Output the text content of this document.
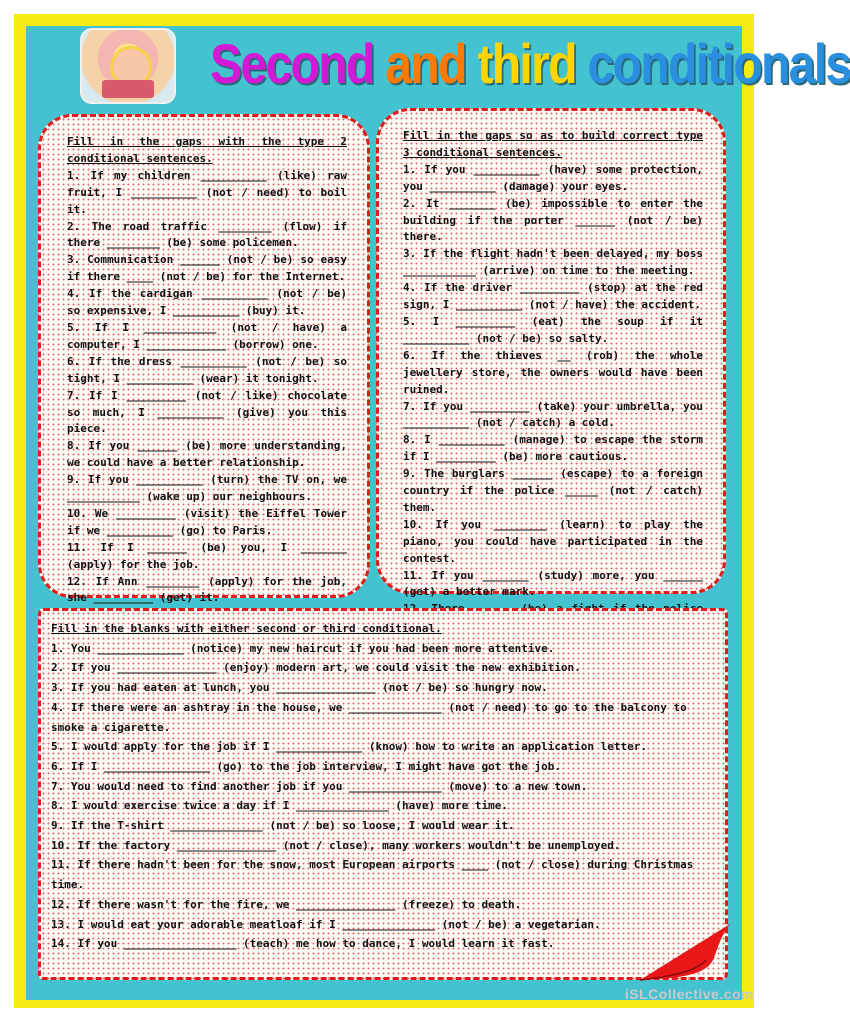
Second and third conditionals
Fill in the gaps with the type 2 conditional sentences.
1. If my children __________ (like) raw fruit, I __________ (not / need) to boil it.
2. The road traffic ________ (flow) if there ________ (be) some policemen.
3. Communication ______ (not / be) so easy if there ____ (not / be) for the Internet.
4. If the cardigan __________ (not / be) so expensive, I __________ (buy) it.
5. If I ___________ (not / have) a computer, I ____________ (borrow) one.
6. If the dress __________ (not / be) so tight, I __________ (wear) it tonight.
7. If I _________ (not / like) chocolate so much, I __________ (give) you this piece.
8. If you ______ (be) more understanding, we could have a better relationship.
9. If you __________ (turn) the TV on, we ___________ (wake up) our neighbours.
10. We _________ (visit) the Eiffel Tower if we __________ (go) to Paris.
11. If I ______ (be) you, I _______ (apply) for the job.
12. If Ann ________ (apply) for the job, she _________ (get) it.
Fill in the gaps so as to build correct type 3 conditional sentences.
1. If you __________ (have) some protection, you __________ (damage) your eyes.
2. It _______ (be) impossible to enter the building if the porter ______ (not / be) there.
3. If the flight hadn't been delayed, my boss ___________ (arrive) on time to the meeting.
4. If the driver _________ (stop) at the red sign, I __________ (not / have) the accident.
5. I _________ (eat) the soup if it __________ (not / be) so salty.
6. If the thieves __ (rob) the whole jewellery store, the owners would have been ruined.
7. If you _________ (take) your umbrella, you __________ (not / catch) a cold.
8. I __________ (manage) to escape the storm if I _________ (be) more cautious.
9. The burglars ______ (escape) to a foreign country if the police _____ (not / catch) them.
10. If you ________ (learn) to play the piano, you could have participated in the contest.
11. If you _______ (study) more, you ______ (get) a better mark.
Fill in the blanks with either second or third conditional.
1. You _____________ (notice) my new haircut if you had been more attentive.
2. If you _______________ (enjoy) modern art, we could visit the new exhibition.
3. If you had eaten at lunch, you _______________ (not / be) so hungry now.
4. If there were an ashtray in the house, we ______________ (not / need) to go to the balcony to smoke a cigarette.
5. I would apply for the job if I _____________ (know) how to write an application letter.
6. If I ________________ (go) to the job interview, I might have got the job.
7. You would need to find another job if you ______________ (move) to a new town.
8. I would exercise twice a day if I ______________ (have) more time.
9. If the T-shirt ______________ (not / be) so loose, I would wear it.
10. If the factory _______________ (not / close), many workers wouldn't be unemployed.
11. If there hadn't been for the snow, most European airports ____ (not / close) during Christmas time.
12. If there wasn't for the fire, we _______________ (freeze) to death.
13. I would eat your adorable meatloaf if I ______________ (not / be) a vegetarian.
14. If you _________________ (teach) me how to dance, I would learn it fast.
iSLCollective.com
